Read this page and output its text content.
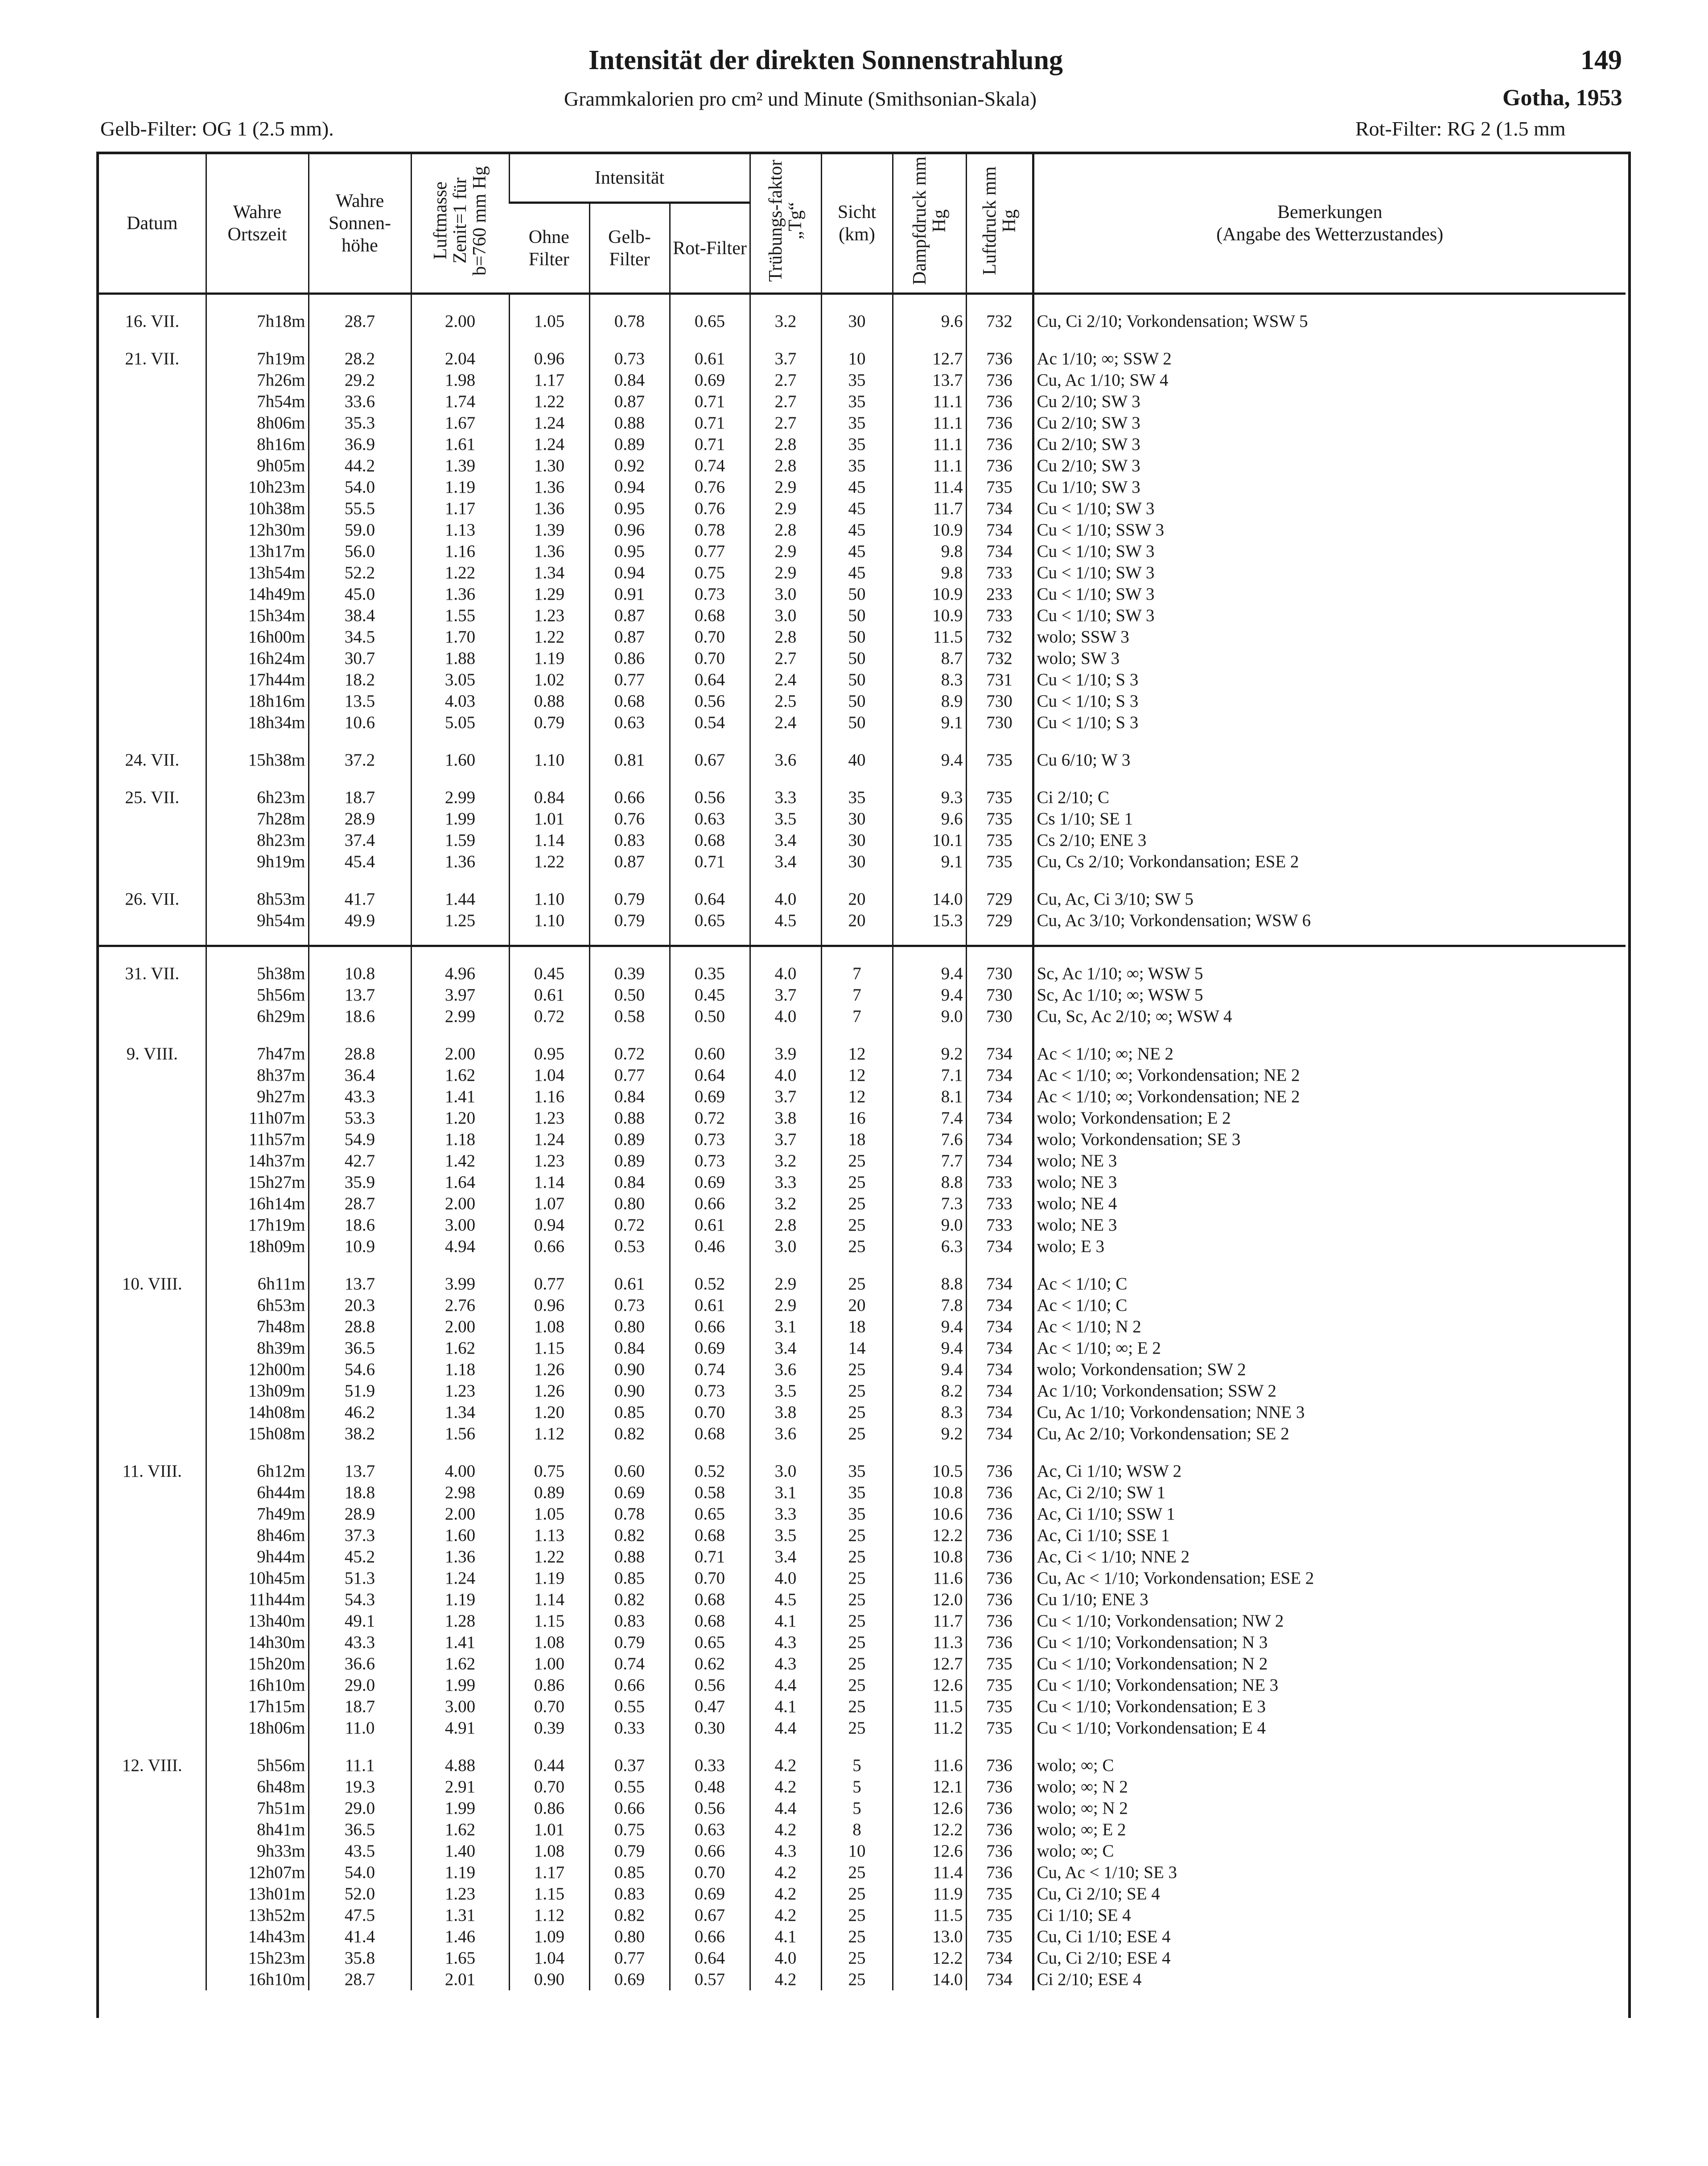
Intensität der direkten Sonnenstrahlung	149
Grammkalorien pro cm² und Minute (Smithsonian-Skala)	Gotha, 1953
Gelb-Filter: OG 1 (2.5 mm).	Rot-Filter: RG 2 (1.5 mm
Datum	Wahre Ortszeit	Wahre Sonnen-höhe	Luftmasse Zenit=1 für b=760 mm Hg	Intensität			Trübungs-faktor „Tg“	Sicht (km)	Dampfdruck mm Hg	Luftdruck mm Hg	Bemerkungen
(Angabe des Wetterzustandes)

				Ohne Filter	Gelb-Filter	Rot-Filter					

16. VII.	7h18m	28.7	2.00	1.05	0.78	0.65	3.2	30	9.6	732	Cu, Ci 2/10; Vorkondensation; WSW 5

21. VII.	7h19m	28.2	2.04	0.96	0.73	0.61	3.7	10	12.7	736	Ac 1/10; ∞; SSW 2
	7h26m	29.2	1.98	1.17	0.84	0.69	2.7	35	13.7	736	Cu, Ac 1/10; SW 4
	7h54m	33.6	1.74	1.22	0.87	0.71	2.7	35	11.1	736	Cu 2/10; SW 3
	8h06m	35.3	1.67	1.24	0.88	0.71	2.7	35	11.1	736	Cu 2/10; SW 3
	8h16m	36.9	1.61	1.24	0.89	0.71	2.8	35	11.1	736	Cu 2/10; SW 3
	9h05m	44.2	1.39	1.30	0.92	0.74	2.8	35	11.1	736	Cu 2/10; SW 3
	10h23m	54.0	1.19	1.36	0.94	0.76	2.9	45	11.4	735	Cu 1/10; SW 3
	10h38m	55.5	1.17	1.36	0.95	0.76	2.9	45	11.7	734	Cu < 1/10; SW 3
	12h30m	59.0	1.13	1.39	0.96	0.78	2.8	45	10.9	734	Cu < 1/10; SSW 3
	13h17m	56.0	1.16	1.36	0.95	0.77	2.9	45	9.8	734	Cu < 1/10; SW 3
	13h54m	52.2	1.22	1.34	0.94	0.75	2.9	45	9.8	733	Cu < 1/10; SW 3
	14h49m	45.0	1.36	1.29	0.91	0.73	3.0	50	10.9	233	Cu < 1/10; SW 3
	15h34m	38.4	1.55	1.23	0.87	0.68	3.0	50	10.9	733	Cu < 1/10; SW 3
	16h00m	34.5	1.70	1.22	0.87	0.70	2.8	50	11.5	732	wolo; SSW 3
	16h24m	30.7	1.88	1.19	0.86	0.70	2.7	50	8.7	732	wolo; SW 3
	17h44m	18.2	3.05	1.02	0.77	0.64	2.4	50	8.3	731	Cu < 1/10; S 3
	18h16m	13.5	4.03	0.88	0.68	0.56	2.5	50	8.9	730	Cu < 1/10; S 3
	18h34m	10.6	5.05	0.79	0.63	0.54	2.4	50	9.1	730	Cu < 1/10; S 3

24. VII.	15h38m	37.2	1.60	1.10	0.81	0.67	3.6	40	9.4	735	Cu 6/10; W 3

25. VII.	6h23m	18.7	2.99	0.84	0.66	0.56	3.3	35	9.3	735	Ci 2/10; C
	7h28m	28.9	1.99	1.01	0.76	0.63	3.5	30	9.6	735	Cs 1/10; SE 1
	8h23m	37.4	1.59	1.14	0.83	0.68	3.4	30	10.1	735	Cs 2/10; ENE 3
	9h19m	45.4	1.36	1.22	0.87	0.71	3.4	30	9.1	735	Cu, Cs 2/10; Vorkondansation; ESE 2

26. VII.	8h53m	41.7	1.44	1.10	0.79	0.64	4.0	20	14.0	729	Cu, Ac, Ci 3/10; SW 5
	9h54m	49.9	1.25	1.10	0.79	0.65	4.5	20	15.3	729	Cu, Ac 3/10; Vorkondensation; WSW 6

31. VII.	5h38m	10.8	4.96	0.45	0.39	0.35	4.0	7	9.4	730	Sc, Ac 1/10; ∞; WSW 5
	5h56m	13.7	3.97	0.61	0.50	0.45	3.7	7	9.4	730	Sc, Ac 1/10; ∞; WSW 5
	6h29m	18.6	2.99	0.72	0.58	0.50	4.0	7	9.0	730	Cu, Sc, Ac 2/10; ∞; WSW 4

9. VIII.	7h47m	28.8	2.00	0.95	0.72	0.60	3.9	12	9.2	734	Ac < 1/10; ∞; NE 2
	8h37m	36.4	1.62	1.04	0.77	0.64	4.0	12	7.1	734	Ac < 1/10; ∞; Vorkondensation; NE 2
	9h27m	43.3	1.41	1.16	0.84	0.69	3.7	12	8.1	734	Ac < 1/10; ∞; Vorkondensation; NE 2
	11h07m	53.3	1.20	1.23	0.88	0.72	3.8	16	7.4	734	wolo; Vorkondensation; E 2
	11h57m	54.9	1.18	1.24	0.89	0.73	3.7	18	7.6	734	wolo; Vorkondensation; SE 3
	14h37m	42.7	1.42	1.23	0.89	0.73	3.2	25	7.7	734	wolo; NE 3
	15h27m	35.9	1.64	1.14	0.84	0.69	3.3	25	8.8	733	wolo; NE 3
	16h14m	28.7	2.00	1.07	0.80	0.66	3.2	25	7.3	733	wolo; NE 4
	17h19m	18.6	3.00	0.94	0.72	0.61	2.8	25	9.0	733	wolo; NE 3
	18h09m	10.9	4.94	0.66	0.53	0.46	3.0	25	6.3	734	wolo; E 3

10. VIII.	6h11m	13.7	3.99	0.77	0.61	0.52	2.9	25	8.8	734	Ac < 1/10; C
	6h53m	20.3	2.76	0.96	0.73	0.61	2.9	20	7.8	734	Ac < 1/10; C
	7h48m	28.8	2.00	1.08	0.80	0.66	3.1	18	9.4	734	Ac < 1/10; N 2
	8h39m	36.5	1.62	1.15	0.84	0.69	3.4	14	9.4	734	Ac < 1/10; ∞; E 2
	12h00m	54.6	1.18	1.26	0.90	0.74	3.6	25	9.4	734	wolo; Vorkondensation; SW 2
	13h09m	51.9	1.23	1.26	0.90	0.73	3.5	25	8.2	734	Ac 1/10; Vorkondensation; SSW 2
	14h08m	46.2	1.34	1.20	0.85	0.70	3.8	25	8.3	734	Cu, Ac 1/10; Vorkondensation; NNE 3
	15h08m	38.2	1.56	1.12	0.82	0.68	3.6	25	9.2	734	Cu, Ac 2/10; Vorkondensation; SE 2

11. VIII.	6h12m	13.7	4.00	0.75	0.60	0.52	3.0	35	10.5	736	Ac, Ci 1/10; WSW 2
	6h44m	18.8	2.98	0.89	0.69	0.58	3.1	35	10.8	736	Ac, Ci 2/10; SW 1
	7h49m	28.9	2.00	1.05	0.78	0.65	3.3	35	10.6	736	Ac, Ci 1/10; SSW 1
	8h46m	37.3	1.60	1.13	0.82	0.68	3.5	25	12.2	736	Ac, Ci 1/10; SSE 1
	9h44m	45.2	1.36	1.22	0.88	0.71	3.4	25	10.8	736	Ac, Ci < 1/10; NNE 2
	10h45m	51.3	1.24	1.19	0.85	0.70	4.0	25	11.6	736	Cu, Ac < 1/10; Vorkondensation; ESE 2
	11h44m	54.3	1.19	1.14	0.82	0.68	4.5	25	12.0	736	Cu 1/10; ENE 3
	13h40m	49.1	1.28	1.15	0.83	0.68	4.1	25	11.7	736	Cu < 1/10; Vorkondensation; NW 2
	14h30m	43.3	1.41	1.08	0.79	0.65	4.3	25	11.3	736	Cu < 1/10; Vorkondensation; N 3
	15h20m	36.6	1.62	1.00	0.74	0.62	4.3	25	12.7	735	Cu < 1/10; Vorkondensation; N 2
	16h10m	29.0	1.99	0.86	0.66	0.56	4.4	25	12.6	735	Cu < 1/10; Vorkondensation; NE 3
	17h15m	18.7	3.00	0.70	0.55	0.47	4.1	25	11.5	735	Cu < 1/10; Vorkondensation; E 3
	18h06m	11.0	4.91	0.39	0.33	0.30	4.4	25	11.2	735	Cu < 1/10; Vorkondensation; E 4

12. VIII.	5h56m	11.1	4.88	0.44	0.37	0.33	4.2	5	11.6	736	wolo; ∞; C
	6h48m	19.3	2.91	0.70	0.55	0.48	4.2	5	12.1	736	wolo; ∞; N 2
	7h51m	29.0	1.99	0.86	0.66	0.56	4.4	5	12.6	736	wolo; ∞; N 2
	8h41m	36.5	1.62	1.01	0.75	0.63	4.2	8	12.2	736	wolo; ∞; E 2
	9h33m	43.5	1.40	1.08	0.79	0.66	4.3	10	12.6	736	wolo; ∞; C
	12h07m	54.0	1.19	1.17	0.85	0.70	4.2	25	11.4	736	Cu, Ac < 1/10; SE 3
	13h01m	52.0	1.23	1.15	0.83	0.69	4.2	25	11.9	735	Cu, Ci 2/10; SE 4
	13h52m	47.5	1.31	1.12	0.82	0.67	4.2	25	11.5	735	Ci 1/10; SE 4
	14h43m	41.4	1.46	1.09	0.80	0.66	4.1	25	13.0	735	Cu, Ci 1/10; ESE 4
	15h23m	35.8	1.65	1.04	0.77	0.64	4.0	25	12.2	734	Cu, Ci 2/10; ESE 4
	16h10m	28.7	2.01	0.90	0.69	0.57	4.2	25	14.0	734	Ci 2/10; ESE 4
